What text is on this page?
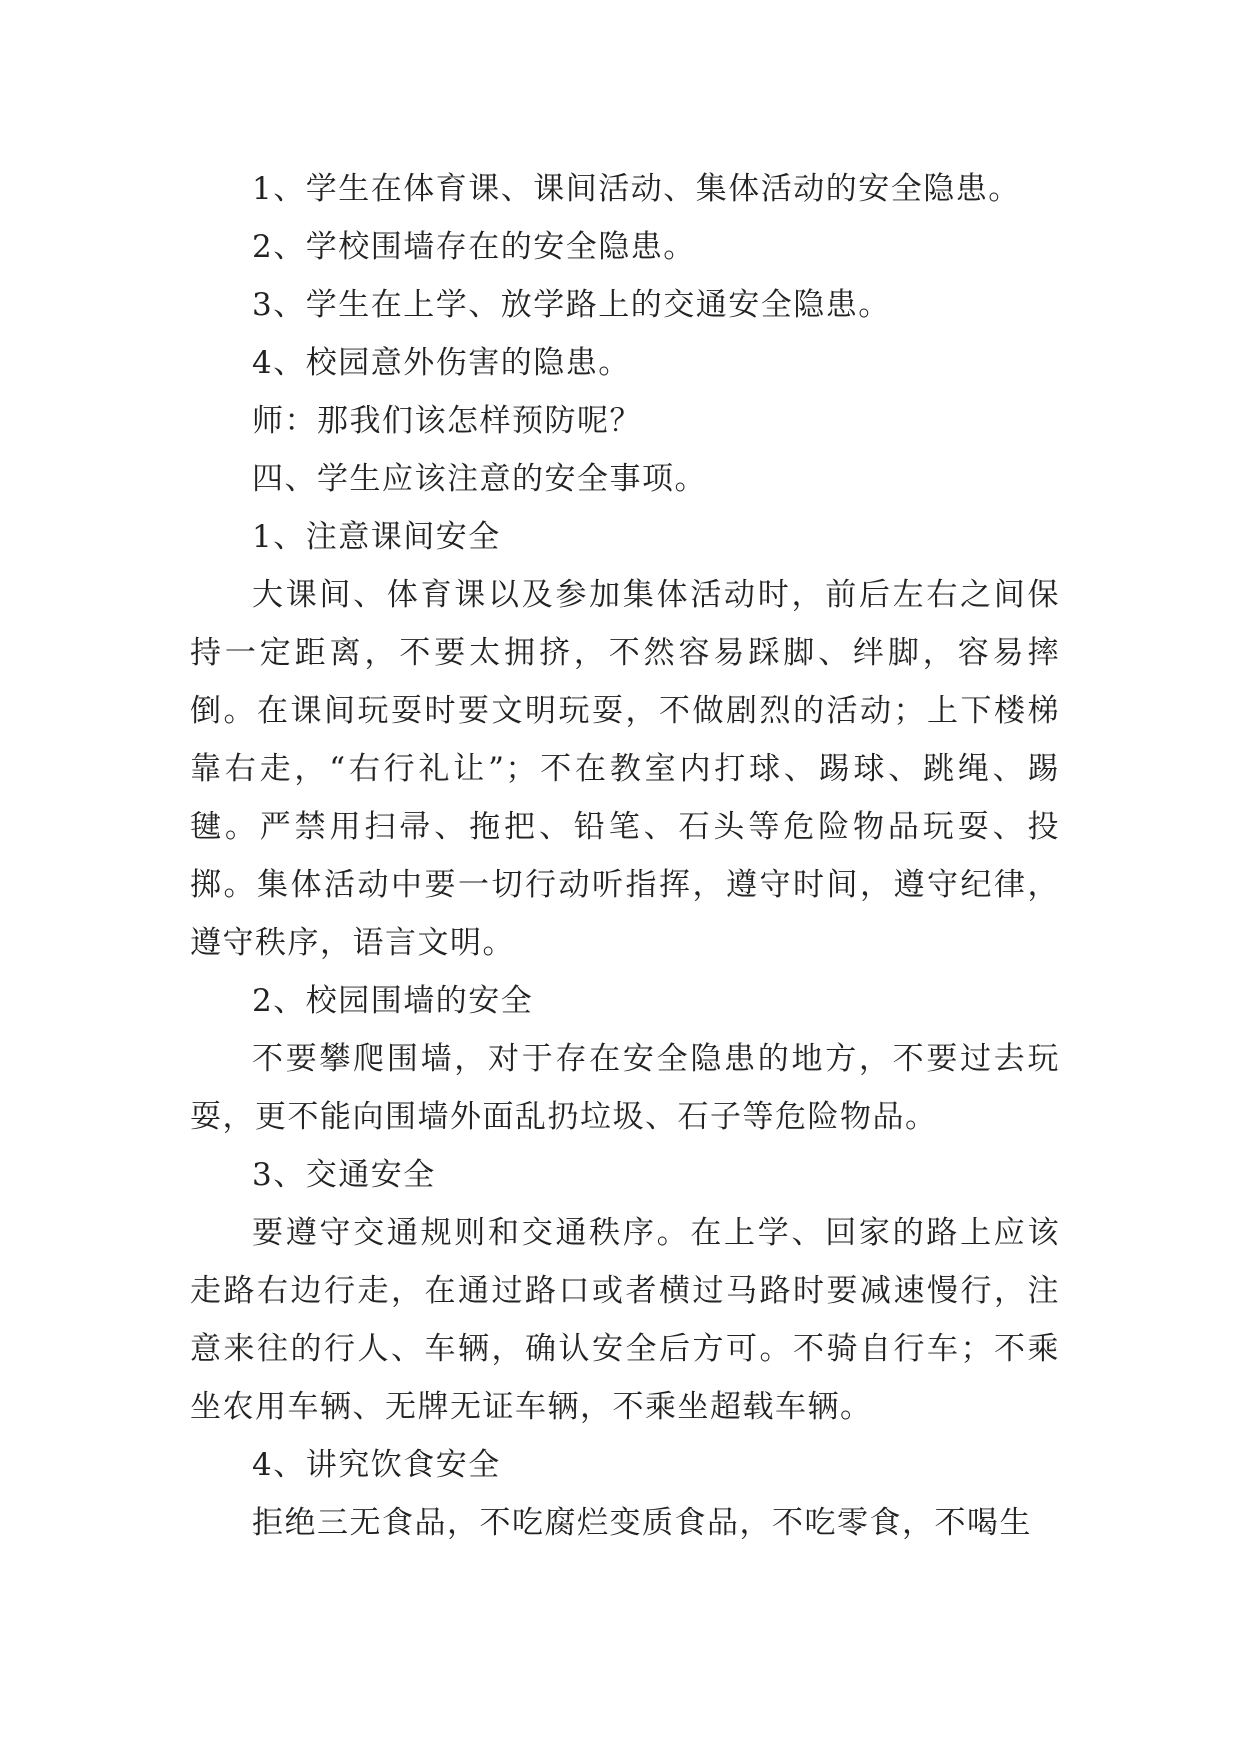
1、学生在体育课、课间活动、集体活动的安全隐患。

2、学校围墙存在的安全隐患。

3、学生在上学、放学路上的交通安全隐患。

4、校园意外伤害的隐患。

师：那我们该怎样预防呢？

四、学生应该注意的安全事项。

1、注意课间安全

大课间、体育课以及参加集体活动时，前后左右之间保持一定距离，不要太拥挤，不然容易踩脚、绊脚，容易摔倒。在课间玩耍时要文明玩耍，不做剧烈的活动；上下楼梯靠右走，“右行礼让”；不在教室内打球、踢球、跳绳、踢毽。严禁用扫帚、拖把、铅笔、石头等危险物品玩耍、投掷。集体活动中要一切行动听指挥，遵守时间，遵守纪律，遵守秩序，语言文明。

2、校园围墙的安全

不要攀爬围墙，对于存在安全隐患的地方，不要过去玩耍，更不能向围墙外面乱扔垃圾、石子等危险物品。

3、交通安全

要遵守交通规则和交通秩序。在上学、回家的路上应该走路右边行走，在通过路口或者横过马路时要减速慢行，注意来往的行人、车辆，确认安全后方可。不骑自行车；不乘坐农用车辆、无牌无证车辆，不乘坐超载车辆。

4、讲究饮食安全

拒绝三无食品，不吃腐烂变质食品，不吃零食，不喝生
